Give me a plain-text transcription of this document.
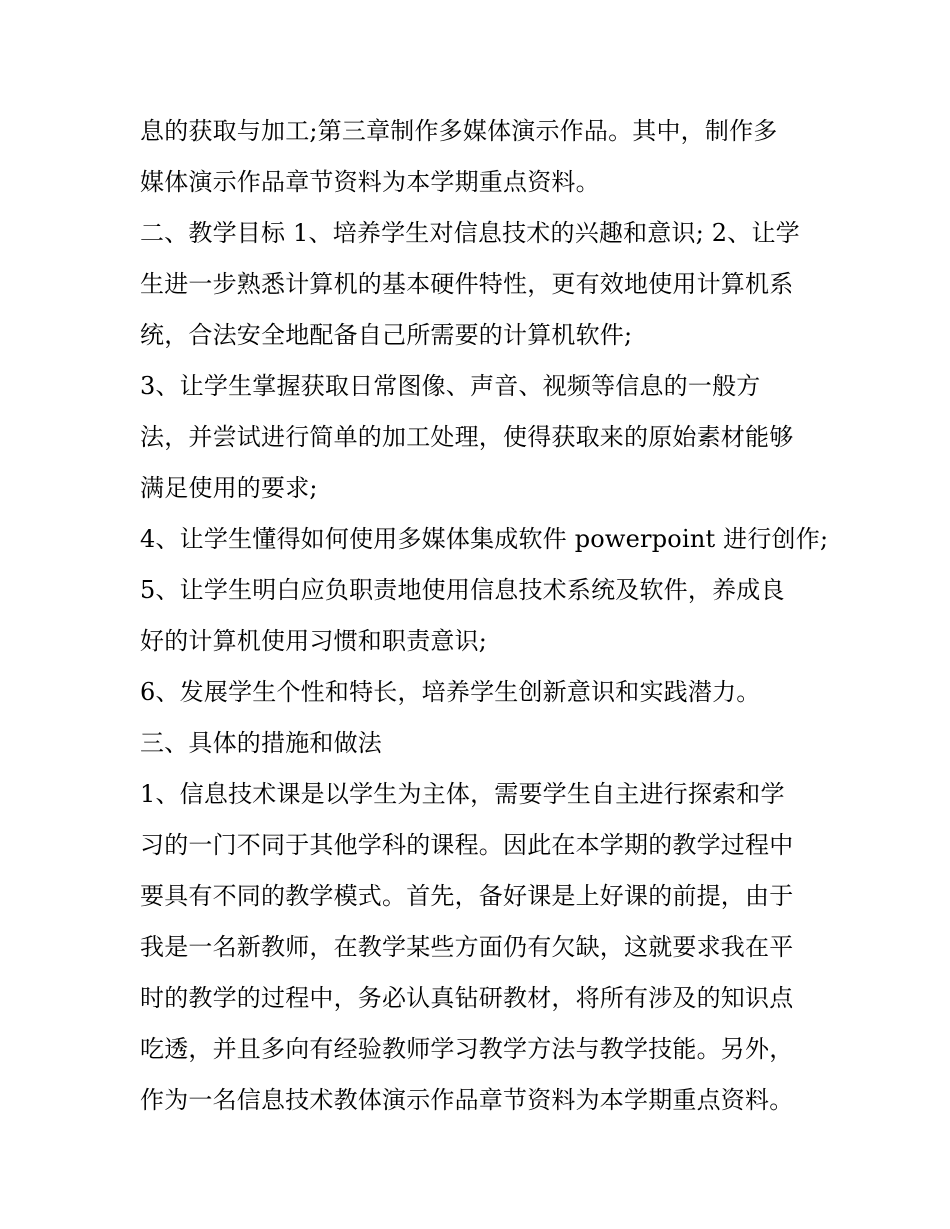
息的获取与加工;第三章制作多媒体演示作品。其中，制作多
媒体演示作品章节资料为本学期重点资料。
二、教学目标 1、培养学生对信息技术的兴趣和意识; 2、让学
生进一步熟悉计算机的基本硬件特性，更有效地使用计算机系
统，合法安全地配备自己所需要的计算机软件;
3、让学生掌握获取日常图像、声音、视频等信息的一般方
法，并尝试进行简单的加工处理，使得获取来的原始素材能够
满足使用的要求;
4、让学生懂得如何使用多媒体集成软件 powerpoint 进行创作;
5、让学生明白应负职责地使用信息技术系统及软件，养成良
好的计算机使用习惯和职责意识;
6、发展学生个性和特长，培养学生创新意识和实践潜力。
三、具体的措施和做法
1、信息技术课是以学生为主体，需要学生自主进行探索和学
习的一门不同于其他学科的课程。因此在本学期的教学过程中
要具有不同的教学模式。首先，备好课是上好课的前提，由于
我是一名新教师，在教学某些方面仍有欠缺，这就要求我在平
时的教学的过程中，务必认真钻研教材，将所有涉及的知识点
吃透，并且多向有经验教师学习教学方法与教学技能。另外，
作为一名信息技术教体演示作品章节资料为本学期重点资料。
